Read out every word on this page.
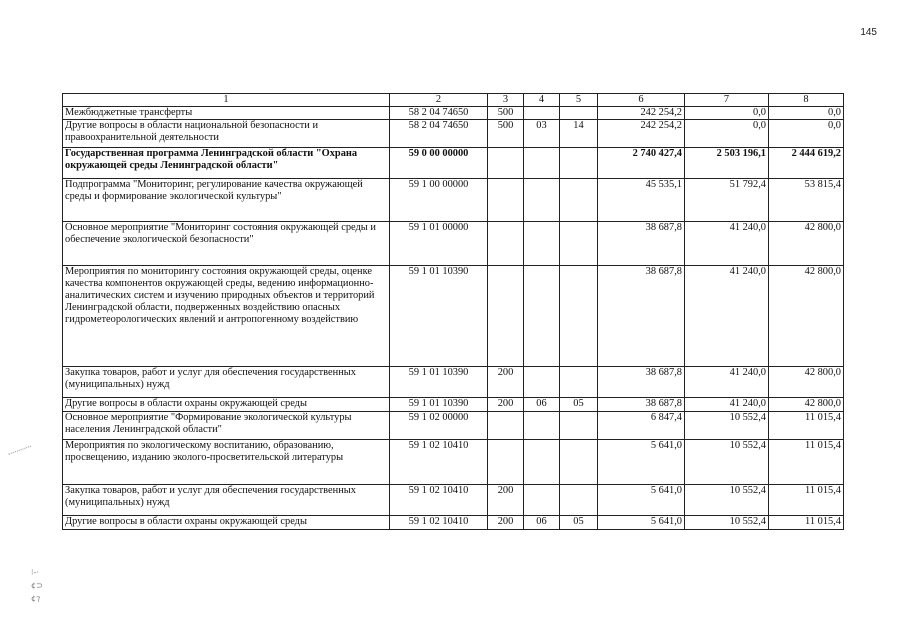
145
1	2	3	4	5	6	7	8
Межбюджетные трансферты	58 2 04 74650	500			242 254,2	0,0	0,0
Другие вопросы в области национальной безопасности и правоохранительной деятельности	58 2 04 74650	500	03	14	242 254,2	0,0	0,0
Государственная программа Ленинградской области "Охрана окружающей среды Ленинградской области"	59 0 00 00000				2 740 427,4	2 503 196,1	2 444 619,2
Подпрограмма "Мониторинг, регулирование качества окружающей среды и формирование экологической культуры"	59 1 00 00000				45 535,1	51 792,4	53 815,4
Основное мероприятие "Мониторинг состояния окружающей среды и обеспечение экологической безопасности"	59 1 01 00000				38 687,8	41 240,0	42 800,0
Мероприятия по мониторингу состояния окружающей среды, оценке качества компонентов окружающей среды, ведению информационно-аналитических систем и изучению природных объектов и территорий Ленинградской области, подверженных воздействию опасных гидрометеорологических явлений и антропогенному воздействию	59 1 01 10390				38 687,8	41 240,0	42 800,0
Закупка товаров, работ и услуг для обеспечения государственных (муниципальных) нужд	59 1 01 10390	200			38 687,8	41 240,0	42 800,0
Другие вопросы в области охраны окружающей среды	59 1 01 10390	200	06	05	38 687,8	41 240,0	42 800,0
Основное мероприятие "Формирование экологической культуры населения Ленинградской области"	59 1 02 00000				6 847,4	10 552,4	11 015,4
Мероприятия по экологическому воспитанию, образованию, просвещению, изданию эколого-просветительской литературы	59 1 02 10410				5 641,0	10 552,4	11 015,4
Закупка товаров, работ и услуг для обеспечения государственных (муниципальных) нужд	59 1 02 10410	200			5 641,0	10 552,4	11 015,4
Другие вопросы в области охраны окружающей среды	59 1 02 10410	200	06	05	5 641,0	10 552,4	11 015,4
⁝-·
¢⊃
¢⁊
